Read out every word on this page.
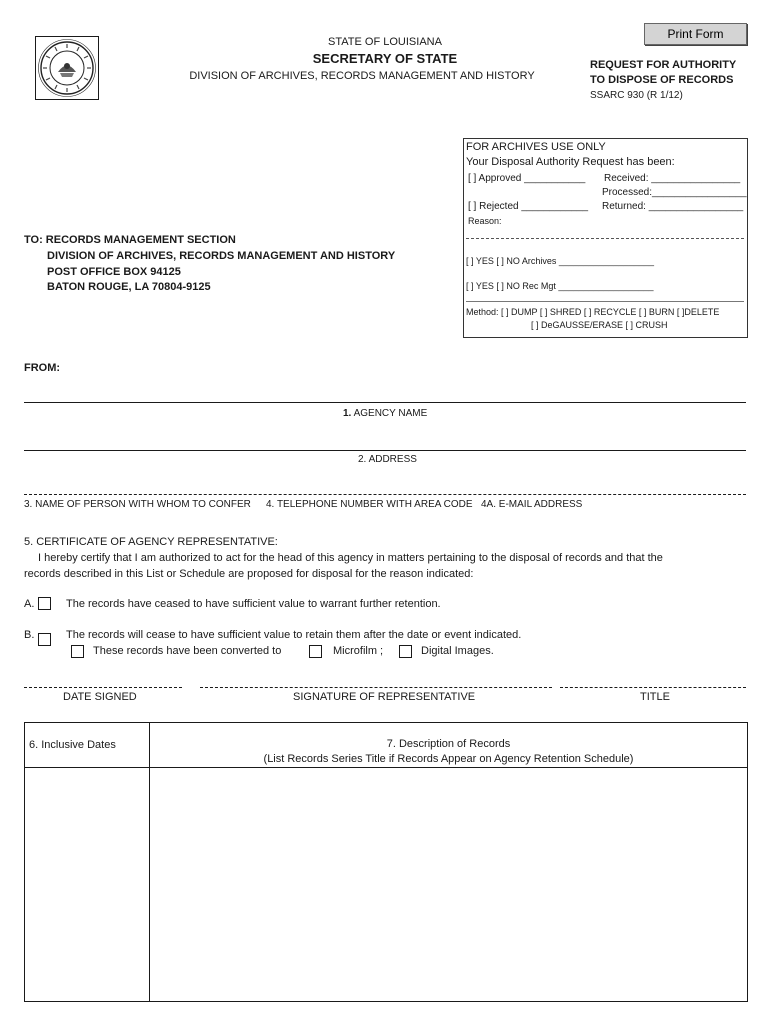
Print Form
STATE OF LOUISIANA
SECRETARY OF STATE
DIVISION OF ARCHIVES, RECORDS MANAGEMENT AND HISTORY
REQUEST FOR AUTHORITY
TO DISPOSE OF RECORDS
SSARC 930 (R 1/12)
FOR ARCHIVES USE ONLY
Your Disposal Authority Request has been:
[ ] Approved ___________ Received: ________________
Processed:_________________
[ ] Rejected ____________ Returned: _________________
Reason:
[ ] YES [ ] NO Archives ___________________
[ ] YES [ ] NO Rec Mgt ___________________
Method: [ ] DUMP [ ] SHRED [ ] RECYCLE [ ] BURN [ ]DELETE
[ ] DeGAUSSE/ERASE [ ] CRUSH
TO: RECORDS MANAGEMENT SECTION
DIVISION OF ARCHIVES, RECORDS MANAGEMENT AND HISTORY
POST OFFICE BOX 94125
BATON ROUGE, LA 70804-9125
FROM:
1. AGENCY NAME
2. ADDRESS
3. NAME OF PERSON WITH WHOM TO CONFER 4. TELEPHONE NUMBER WITH AREA CODE 4A. E-MAIL ADDRESS
5. CERTIFICATE OF AGENCY REPRESENTATIVE:
I hereby certify that I am authorized to act for the head of this agency in matters pertaining to the disposal of records and that the
records described in this List or Schedule are proposed for disposal for the reason indicated:
A.	The records have ceased to have sufficient value to warrant further retention.
B.	The records will cease to have sufficient value to retain them after the date or event indicated.
These records have been converted to	Microfilm ;	Digital Images.
DATE SIGNED	SIGNATURE OF REPRESENTATIVE	TITLE
6. Inclusive Dates	7. Description of Records
(List Records Series Title if Records Appear on Agency Retention Schedule)
